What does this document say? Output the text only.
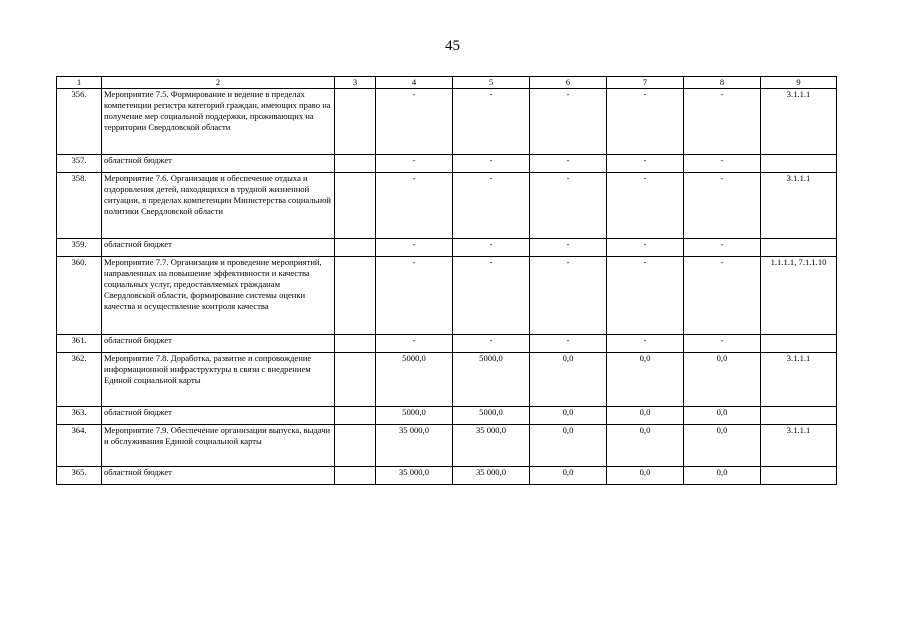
45
1	2	3	4	5	6	7	8	9
356.	Мероприятие 7.5. Формирование и ведение в пределах компетенции регистра категорий граждан, имеющих право на получение мер социальной поддержки, проживающих на территории Свердловской области		-	-	-	-	-	3.1.1.1
357.	областной бюджет		-	-	-	-	-	
358.	Мероприятие 7.6. Организация и обеспечение отдыха и оздоровления детей, находящихся в трудной жизненной ситуации, в пределах компетенции Министерства социальной политики Свердловской области		-	-	-	-	-	3.1.1.1
359.	областной бюджет		-	-	-	-	-	
360.	Мероприятие 7.7. Организация и проведение мероприятий, направленных на повышение эффективности и качества социальных услуг, предоставляемых гражданам Свердловской области, формирование системы оценки качества и осуществление контроля качества		-	-	-	-	-	1.1.1.1, 7.1.1.10
361.	областной бюджет		-	-	-	-	-	
362.	Мероприятие 7.8. Доработка, развитие и сопровождение информационной инфраструктуры в связи с внедрением Единой социальной карты		5000,0	5000,0	0,0	0,0	0,0	3.1.1.1
363.	областной бюджет		5000,0	5000,0	0,0	0,0	0,0	
364.	Мероприятие 7.9. Обеспечение организации выпуска, выдачи и обслуживания Единой социальной карты		35 000,0	35 000,0	0,0	0,0	0,0	3.1.1.1
365.	областной бюджет		35 000,0	35 000,0	0,0	0,0	0,0	
